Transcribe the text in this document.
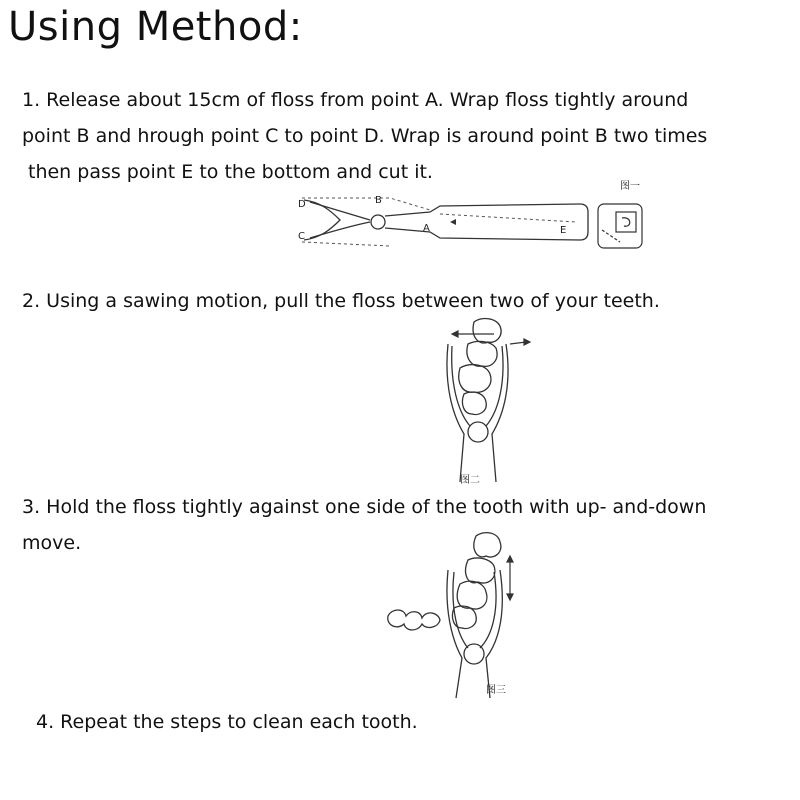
Using Method:
1. Release about 15cm of floss from point A. Wrap floss tightly around
point B and hrough point C to point D. Wrap is around point B two times
then pass point E to the bottom and cut it.
D
C
B
A	E
图一
2. Using a sawing motion, pull the floss between two of your teeth.
图二
3. Hold the floss tightly against one side of the tooth with up- and-down
move.
图三
4. Repeat the steps to clean each tooth.
